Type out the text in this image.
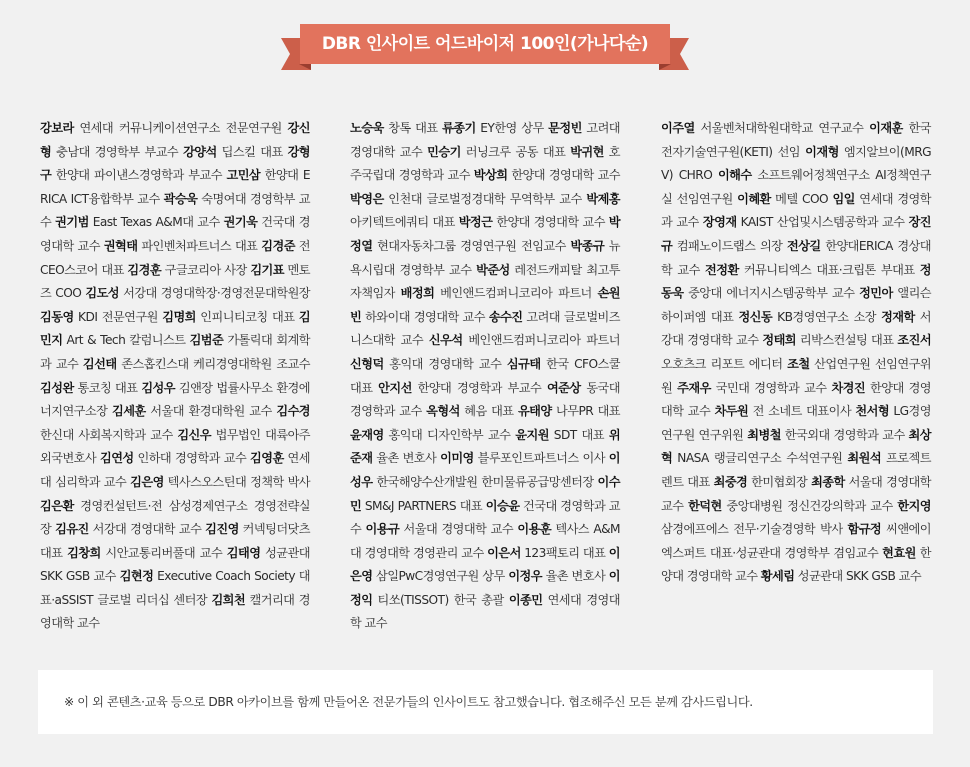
DBR 인사이트 어드바이저 100인(가나다순)
강보라 연세대 커뮤니케이션연구소 전문연구원 강신형 충남대 경영학부 부교수 강양석 딥스킬 대표 강형구 한양대 파이낸스경영학과 부교수 고민삼 한양대 ERICA ICT융합학부 교수 곽승욱 숙명여대 경영학부 교수 권기범 East Texas A&M대 교수 권기욱 건국대 경영대학 교수 권혁태 파인벤처파트너스 대표 김경준 전 CEO스코어 대표 김경훈 구글코리아 사장 김기표 멘토즈 COO 김도성 서강대 경영대학장·경영전문대학원장 김동영 KDI 전문연구원 김명희 인피니티코칭 대표 김민지 Art & Tech 칼럼니스트 김범준 가톨릭대 회계학과 교수 김선태 존스홉킨스대 케리경영대학원 조교수 김성완 통코칭 대표 김성우 김앤장 법률사무소 환경에너지연구소장 김세훈 서울대 환경대학원 교수 김수경 한신대 사회복지학과 교수 김신우 법무법인 대륙아주 외국변호사 김연성 인하대 경영학과 교수 김영훈 연세대 심리학과 교수 김은영 텍사스오스틴대 정책학 박사 김은환 경영컨설턴트·전 삼성경제연구소 경영전략실장 김유진 서강대 경영대학 교수 김진영 커넥팅더닷츠 대표 김창희 시안교통리버풀대 교수 김태영 성균관대 SKK GSB 교수 김현정 Executive Coach Society 대표·aSSIST 글로벌 리더십 센터장 김희천 캘거리대 경영대학 교수
노승욱 창톡 대표 류종기 EY한영 상무 문정빈 고려대 경영대학 교수 민승기 러닝크루 공동 대표 박귀현 호주국립대 경영학과 교수 박상희 한양대 경영대학 교수 박영은 인천대 글로벌정경대학 무역학부 교수 박제홍 아키텍트에쿼티 대표 박정근 한양대 경영대학 교수 박정열 현대자동차그룹 경영연구원 전임교수 박종규 뉴욕시립대 경영학부 교수 박준성 레전드캐피탈 최고투자책임자 배정희 베인앤드컴퍼니코리아 파트너 손원빈 하와이대 경영대학 교수 송수진 고려대 글로벌비즈니스대학 교수 신우석 베인앤드컴퍼니코리아 파트너 신형덕 홍익대 경영대학 교수 심규태 한국 CFO스쿨 대표 안지선 한양대 경영학과 부교수 여준상 동국대 경영학과 교수 옥형석 혜음 대표 유태양 나무PR 대표 윤재영 홍익대 디자인학부 교수 윤지원 SDT 대표 위준재 율촌 변호사 이미영 블루포인트파트너스 이사 이성우 한국해양수산개발원 한미물류공급망센터장 이수민 SM&J PARTNERS 대표 이승윤 건국대 경영학과 교수 이용규 서울대 경영대학 교수 이용훈 텍사스 A&M대 경영대학 경영관리 교수 이은서 123팩토리 대표 이은영 삼일PwC경영연구원 상무 이정우 율촌 변호사 이정익 티쏘(TISSOT) 한국 총괄 이종민 연세대 경영대학 교수
이주열 서울벤처대학원대학교 연구교수 이재훈 한국전자기술연구원(KETI) 선임 이재형 엠지알브이(MRGV) CHRO 이해수 소프트웨어정책연구소 AI정책연구실 선임연구원 이혜환 메텔 COO 임일 연세대 경영학과 교수 장영재 KAIST 산업및시스템공학과 교수 장진규 컴패노이드랩스 의장 전상길 한양대ERICA 경상대학 교수 전정환 커뮤니티엑스 대표·크립톤 부대표 정동욱 중앙대 에너지시스템공학부 교수 정민아 앨리슨하이퍼엠 대표 정신동 KB경영연구소 소장 정재학 서강대 경영대학 교수 정태희 리박스컨설팅 대표 조진서 오호츠크 리포트 에디터 조철 산업연구원 선임연구위원 주재우 국민대 경영학과 교수 차경진 한양대 경영대학 교수 차두원 전 소네트 대표이사 천서형 LG경영연구원 연구위원 최병철 한국외대 경영학과 교수 최상혁 NASA 랭글리연구소 수석연구원 최원석 프로젝트렌트 대표 최중경 한미협회장 최종학 서울대 경영대학 교수 한덕현 중앙대병원 정신건강의학과 교수 한지영 삼경에프에스 전무·기술경영학 박사 함규정 씨앤에이엑스퍼트 대표·성균관대 경영학부 겸임교수 현효원 한양대 경영대학 교수 황세림 성균관대 SKK GSB 교수
※ 이 외 콘텐츠·교육 등으로 DBR 아카이브를 함께 만들어온 전문가들의 인사이트도 참고했습니다. 협조해주신 모든 분께 감사드립니다.
